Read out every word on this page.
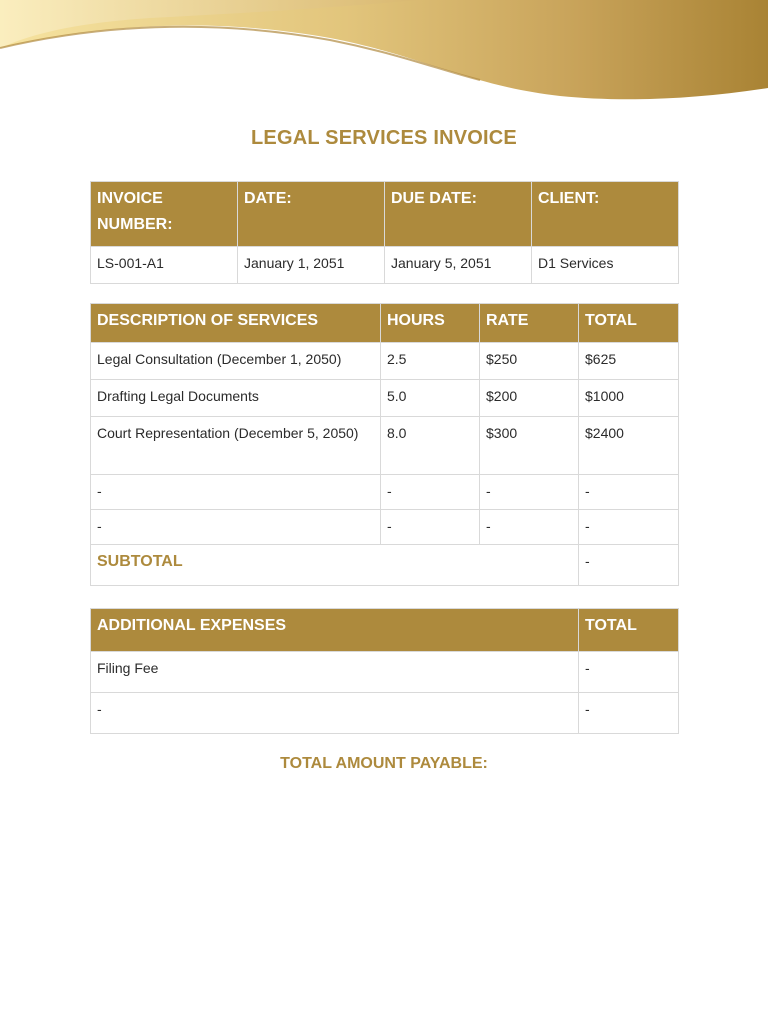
LEGAL SERVICES INVOICE
INVOICE NUMBER:	DATE:	DUE DATE:	CLIENT:
LS-001-A1	January 1, 2051	January 5, 2051	D1 Services
DESCRIPTION OF SERVICES	HOURS	RATE	TOTAL
Legal Consultation (December 1, 2050)	2.5	$250	$625
Drafting Legal Documents	5.0	$200	$1000
Court Representation (December 5, 2050)	8.0	$300	$2400
-	-	-	-
-	-	-	-
SUBTOTAL			-
ADDITIONAL EXPENSES	TOTAL
Filing Fee	-
-	-
TOTAL AMOUNT PAYABLE:
